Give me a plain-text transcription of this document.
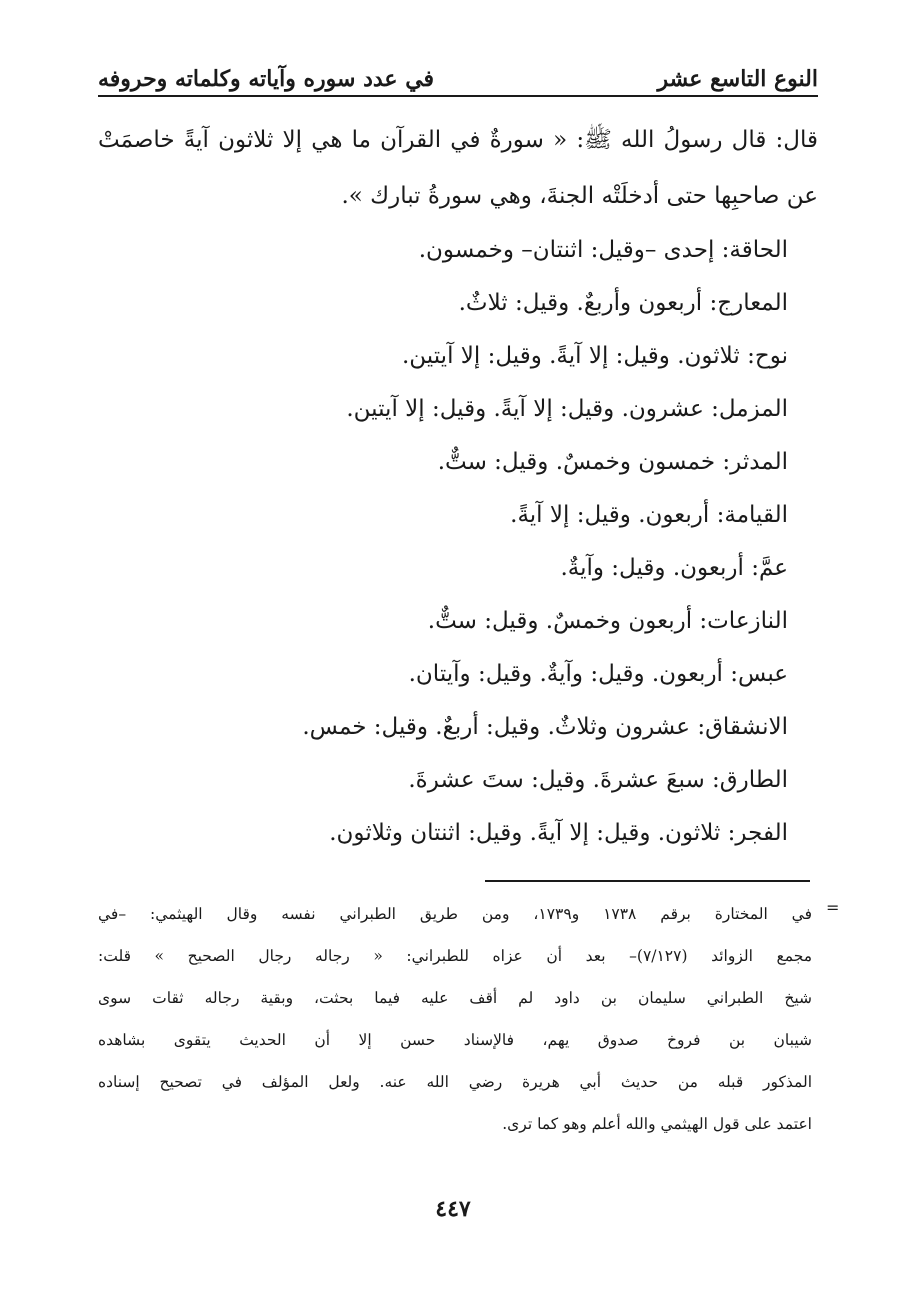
النوع التاسع عشر
في عدد سوره وآياته وكلماته وحروفه

قال: قال رسولُ الله ﷺ: « سورةٌ في القرآن ما هي إلا ثلاثون آيةً خاصمَتْ

عن صاحبِها حتى أدخلَتْه الجنةَ، وهي سورةُ تبارك ».

الحاقة: إحدى –وقيل: اثنتان– وخمسون.
المعارج: أربعون وأربعٌ. وقيل: ثلاثٌ.
نوح: ثلاثون. وقيل: إلا آيةً. وقيل: إلا آيتين.
المزمل: عشرون. وقيل: إلا آيةً. وقيل: إلا آيتين.
المدثر: خمسون وخمسٌ. وقيل: ستٌّ.
القيامة: أربعون. وقيل: إلا آيةً.
عمَّ: أربعون. وقيل: وآيةٌ.
النازعات: أربعون وخمسٌ. وقيل: ستٌّ.
عبس: أربعون. وقيل: وآيةٌ. وقيل: وآيتان.
الانشقاق: عشرون وثلاثٌ. وقيل: أربعٌ. وقيل: خمس.
الطارق: سبعَ عشرةَ. وقيل: ستَ عشرةَ.
الفجر: ثلاثون. وقيل: إلا آيةً. وقيل: اثنتان وثلاثون.
=

في المختارة برقم ١٧٣٨ و١٧٣٩، ومن طريق الطبراني نفسه وقال الهيثمي: –في

مجمع الزوائد (٧/١٢٧)– بعد أن عزاه للطبراني: « رجاله رجال الصحيح » قلت:

شيخ الطبراني سليمان بن داود لم أقف عليه فيما بحثت، وبقية رجاله ثقات سوى

شيبان بن فروخ صدوق يهم، فالإسناد حسن إلا أن الحديث يتقوى بشاهده

المذكور قبله من حديث أبي هريرة رضي الله عنه. ولعل المؤلف في تصحيح إسناده

اعتمد على قول الهيثمي والله أعلم وهو كما ترى.

٤٤٧
